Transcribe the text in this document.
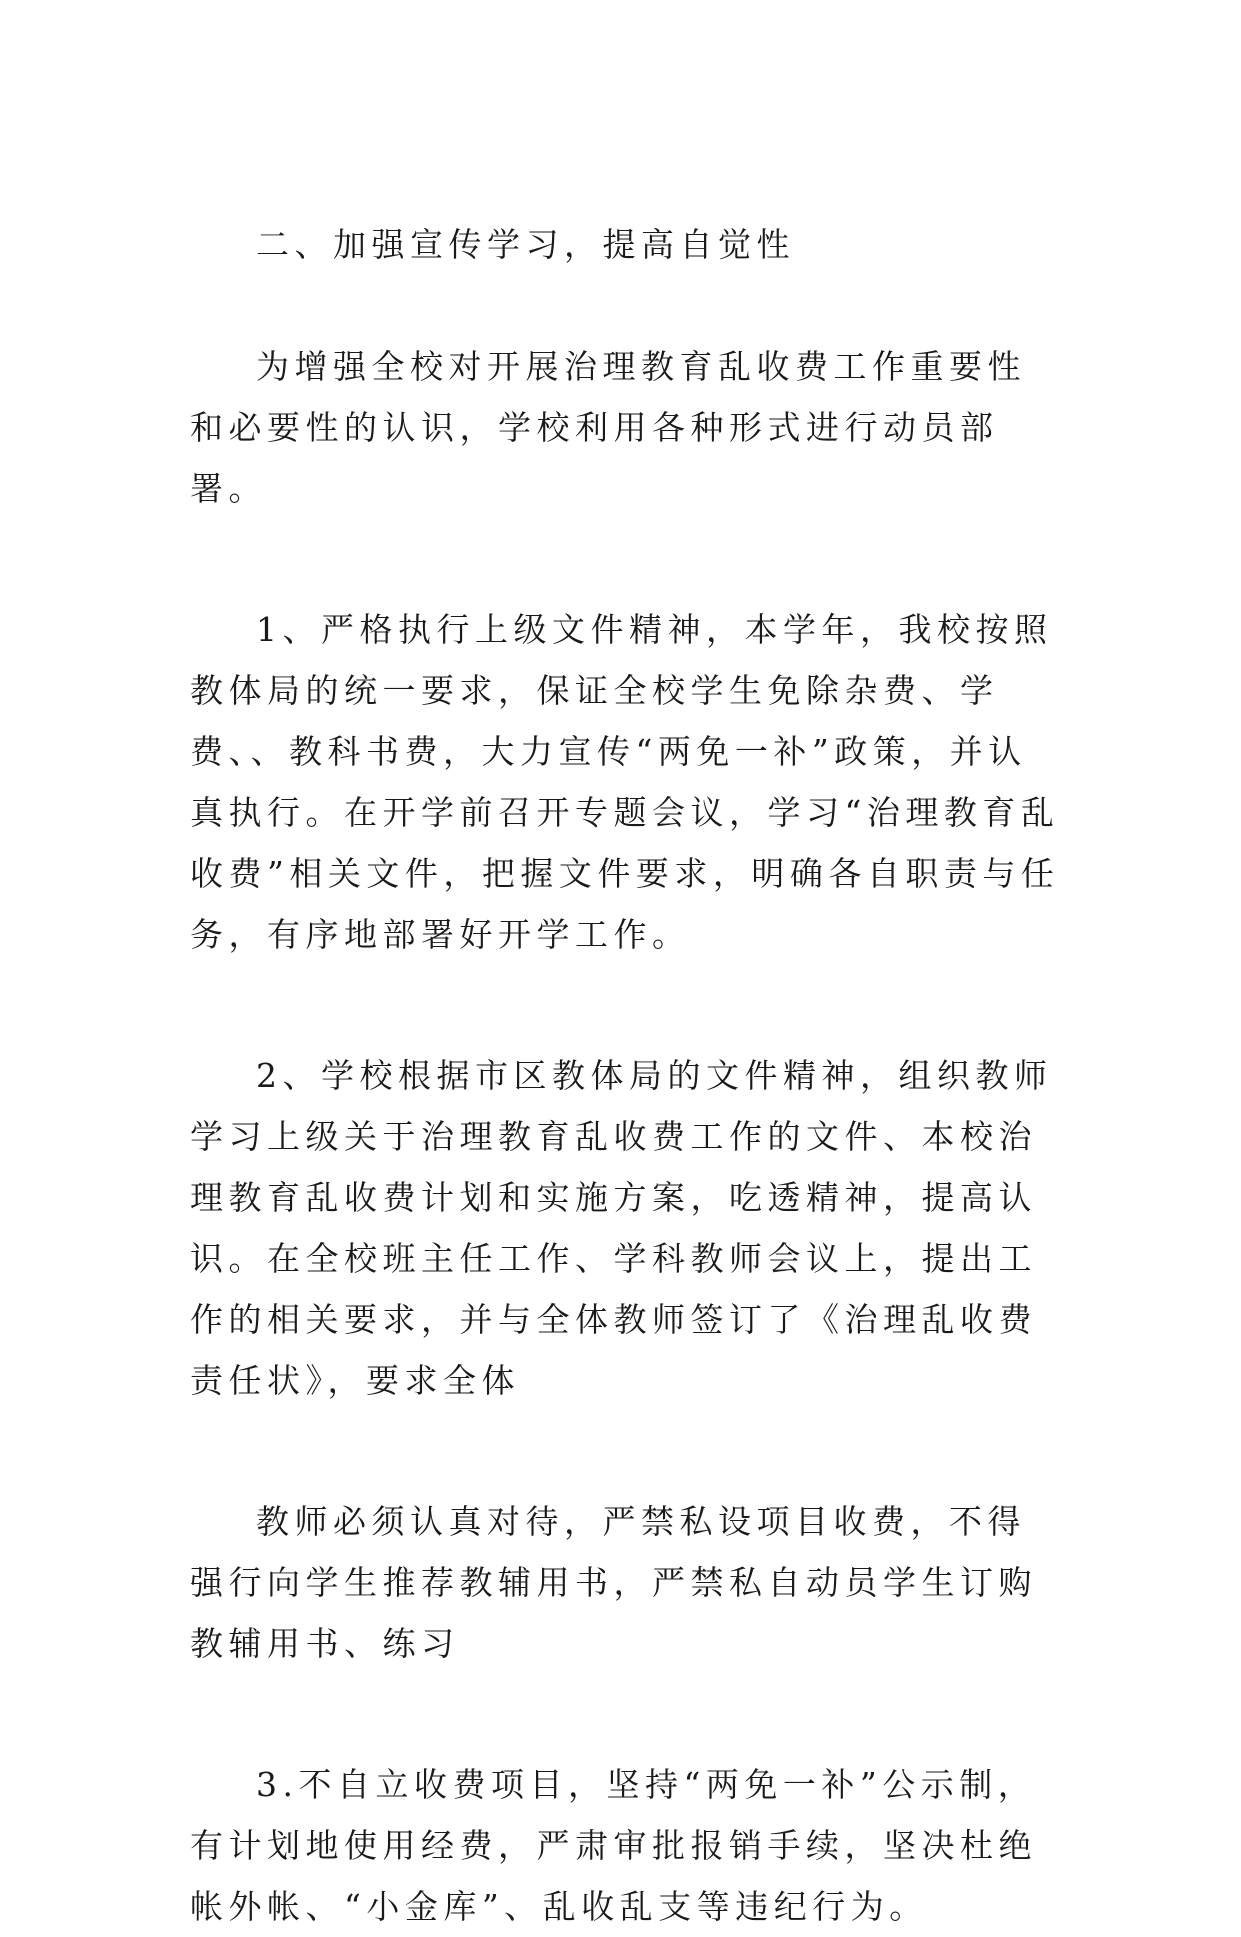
二、加强宣传学习，提高自觉性

为增强全校对开展治理教育乱收费工作重要性和必要性的认识，学校利用各种形式进行动员部署。

1、严格执行上级文件精神，本学年，我校按照教体局的统一要求，保证全校学生免除杂费、学费、、教科书费，大力宣传“两免一补”政策，并认真执行。在开学前召开专题会议，学习“治理教育乱收费”相关文件，把握文件要求，明确各自职责与任务，有序地部署好开学工作。

2、学校根据市区教体局的文件精神，组织教师学习上级关于治理教育乱收费工作的文件、本校治理教育乱收费计划和实施方案，吃透精神，提高认识。在全校班主任工作、学科教师会议上，提出工作的相关要求，并与全体教师签订了《治理乱收费责任状》，要求全体

教师必须认真对待，严禁私设项目收费，不得强行向学生推荐教辅用书，严禁私自动员学生订购教辅用书、练习

3.不自立收费项目，坚持“两免一补”公示制，有计划地使用经费，严肃审批报销手续，坚决杜绝帐外帐、“小金库”、乱收乱支等违纪行为。
